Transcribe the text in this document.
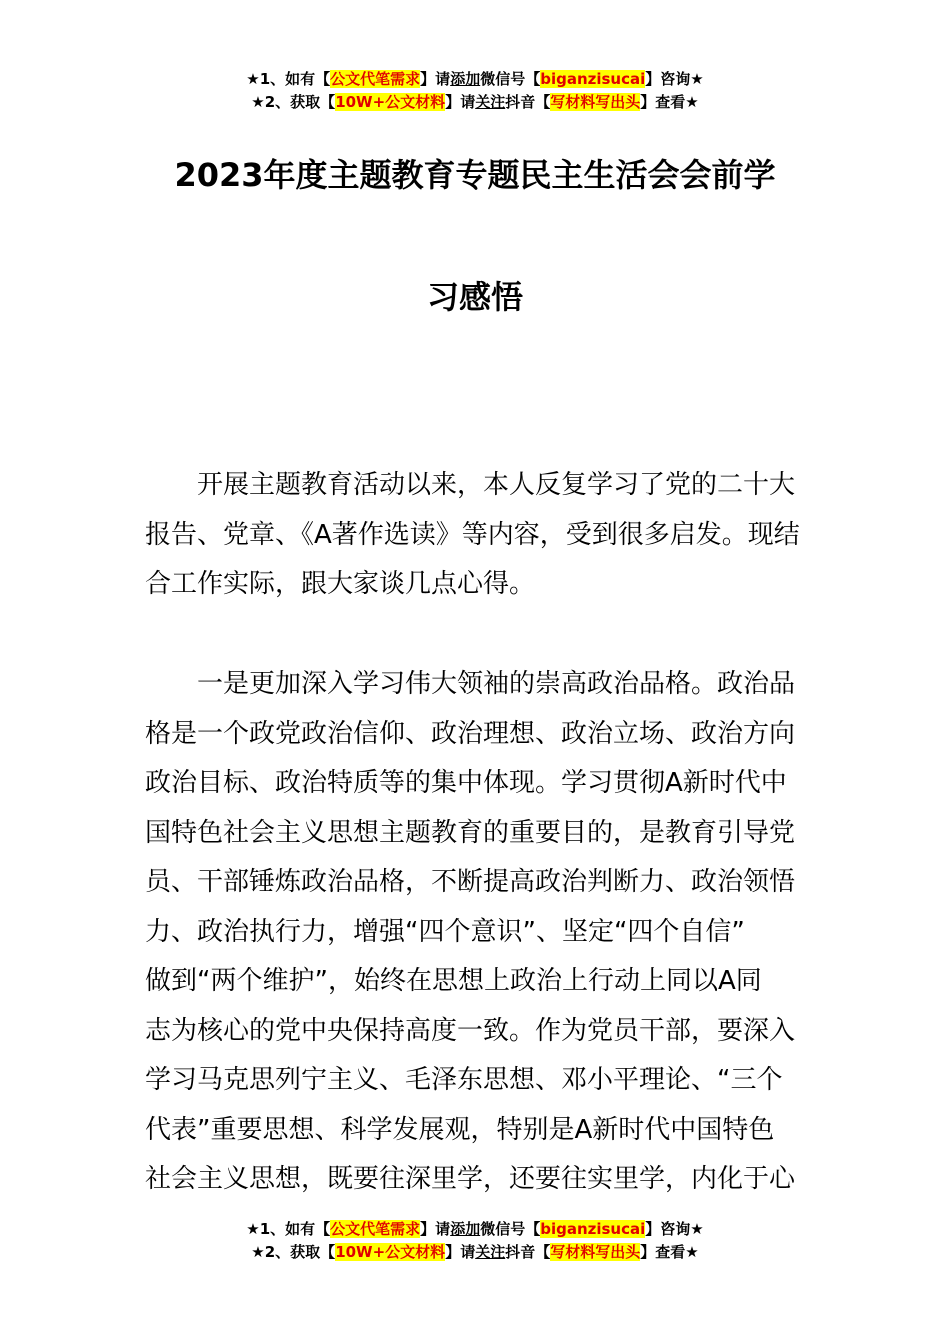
★1、如有【公文代笔需求】请添加微信号【biganzisucai】咨询★
★2、获取【10W+公文材料】请关注抖音【写材料写出头】查看★
2023年度主题教育专题民主生活会会前学
习感悟

　　开展主题教育活动以来，本人反复学习了党的二十大
报告、党章、《A著作选读》等内容，受到很多启发。现结
合工作实际，跟大家谈几点心得。

　　一是更加深入学习伟大领袖的崇高政治品格。政治品
格是一个政党政治信仰、政治理想、政治立场、政治方向
政治目标、政治特质等的集中体现。学习贯彻A新时代中
国特色社会主义思想主题教育的重要目的，是教育引导党
员、干部锤炼政治品格，不断提高政治判断力、政治领悟
力、政治执行力，增强“四个意识”、坚定“四个自信”
做到“两个维护”，始终在思想上政治上行动上同以A同
志为核心的党中央保持高度一致。作为党员干部，要深入
学习马克思列宁主义、毛泽东思想、邓小平理论、“三个
代表”重要思想、科学发展观，特别是A新时代中国特色
社会主义思想，既要往深里学，还要往实里学，内化于心

★1、如有【公文代笔需求】请添加微信号【biganzisucai】咨询★
★2、获取【10W+公文材料】请关注抖音【写材料写出头】查看★
